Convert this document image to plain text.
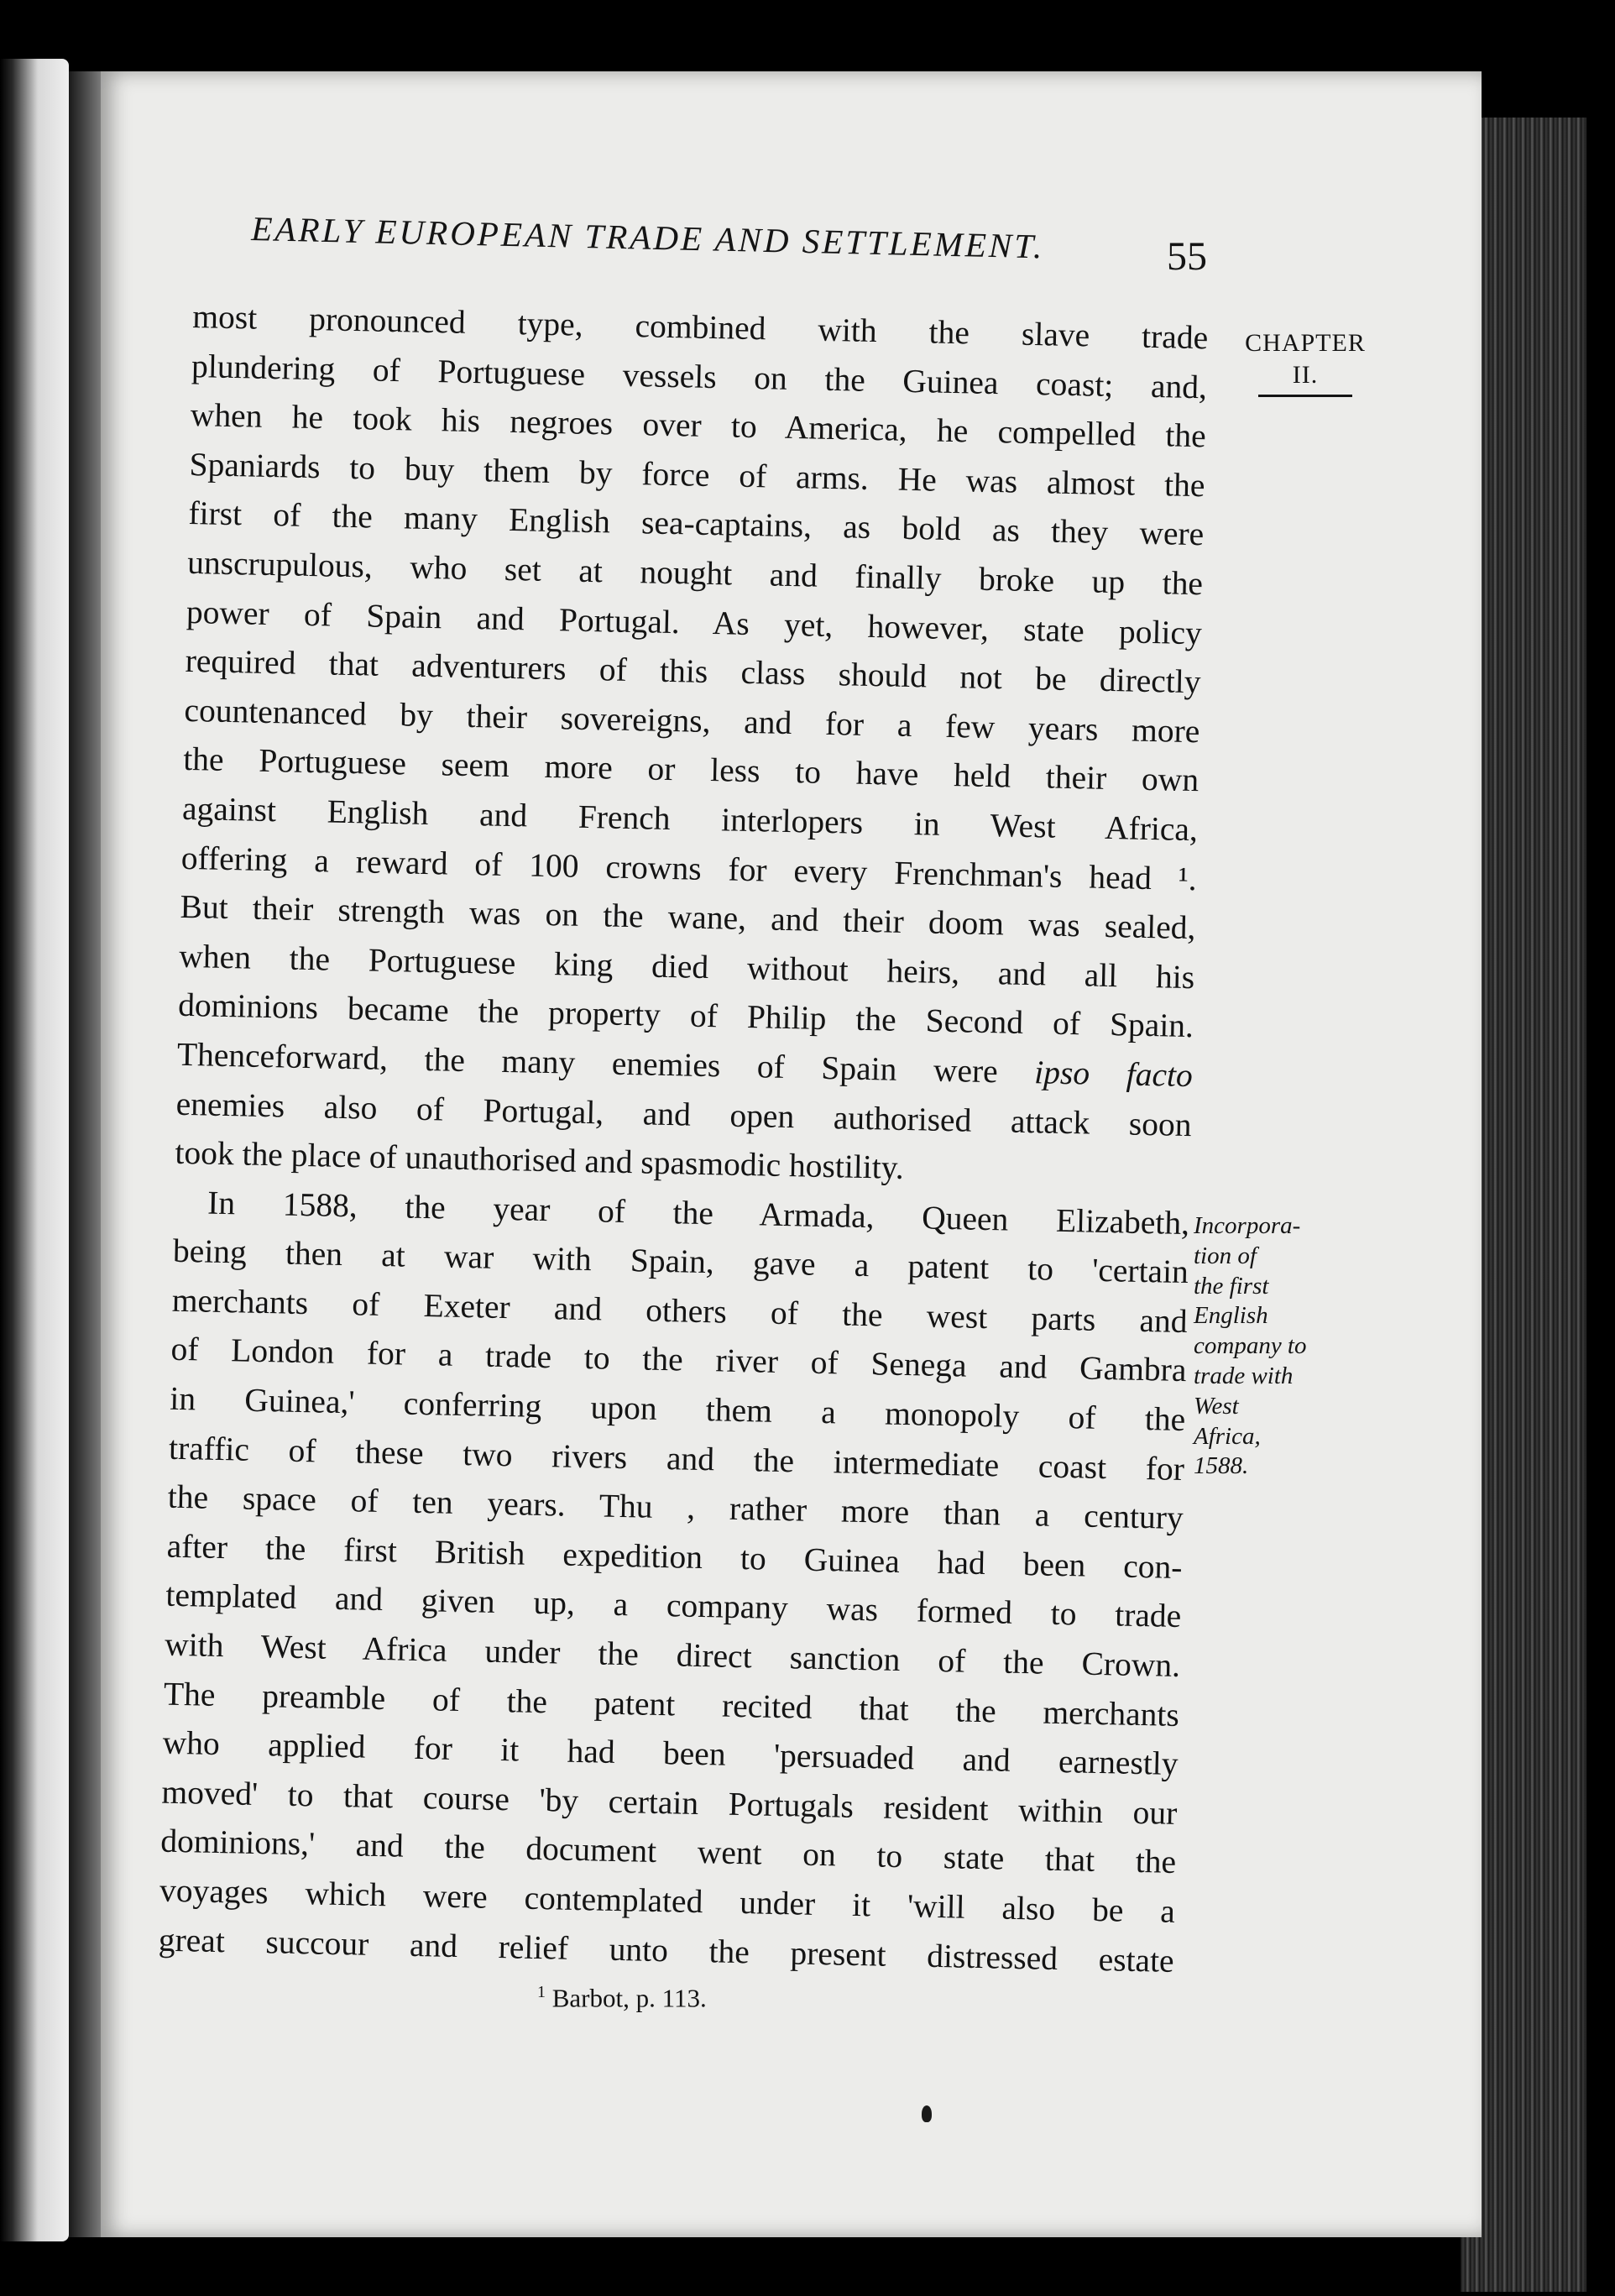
EARLY EUROPEAN TRADE AND SETTLEMENT.	55
CHAPTER
II.
most pronounced type, combined with the slave trade
plundering of Portuguese vessels on the Guinea coast; and,
when he took his negroes over to America, he compelled the
Spaniards to buy them by force of arms. He was almost the
first of the many English sea-captains, as bold as they were
unscrupulous, who set at nought and finally broke up the
power of Spain and Portugal. As yet, however, state policy
required that adventurers of this class should not be directly
countenanced by their sovereigns, and for a few years more
the Portuguese seem more or less to have held their own
against English and French interlopers in West Africa,
offering a reward of 100 crowns for every Frenchman's head ¹.
But their strength was on the wane, and their doom was sealed,
when the Portuguese king died without heirs, and all his
dominions became the property of Philip the Second of Spain.
Thenceforward, the many enemies of Spain were ipso facto
enemies also of Portugal, and open authorised attack soon
took the place of unauthorised and spasmodic hostility.
In 1588, the year of the Armada, Queen Elizabeth,
being then at war with Spain, gave a patent to 'certain
merchants of Exeter and others of the west parts and
of London for a trade to the river of Senega and Gambra
in Guinea,' conferring upon them a monopoly of the
traffic of these two rivers and the intermediate coast for
the space of ten years. Thu , rather more than a century
after the first British expedition to Guinea had been con-
templated and given up, a company was formed to trade
with West Africa under the direct sanction of the Crown.
The preamble of the patent recited that the merchants
who applied for it had been 'persuaded and earnestly
moved' to that course 'by certain Portugals resident within our
dominions,' and the document went on to state that the
voyages which were contemplated under it 'will also be a
great succour and relief unto the present distressed estate
Incorpora-
tion of
the first
English
company to
trade with
West
Africa,
1588.
$^1$ Barbot, p. 113.
